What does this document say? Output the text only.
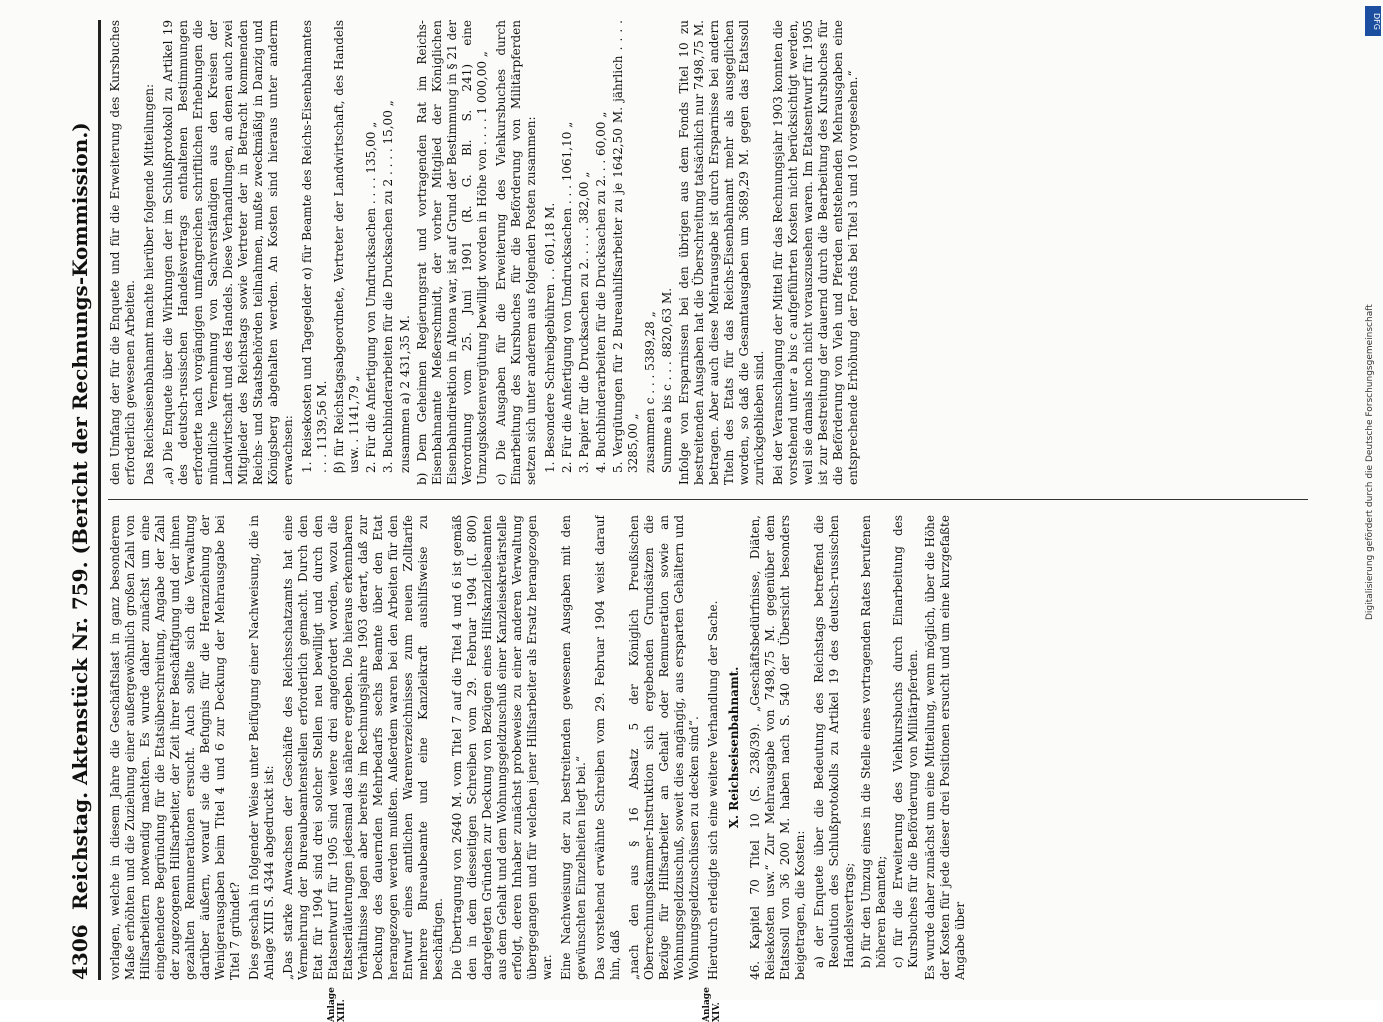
4306
Reichstag. Aktenstück Nr. 759. (Bericht der Rechnungs-Kommission.) vorlagen, welche in diesem Jahre die Geschäftslast in ganz besonderem Maße erhöhten und die Zuziehung einer außergewöhnlich großen Zahl von Hilfsarbeitern notwendig machten. Es wurde daher zunächst um eine eingehendere Begründung für die Etatsüberschreitung, Angabe der Zahl der zugezogenen Hilfsarbeiter, der Zeit ihrer Beschäftigung und der ihnen gezahlten Remunerationen ersucht. Auch sollte sich die Verwaltung darüber äußern, worauf sie die Befugnis für die Heranziehung der Wenigerausgaben beim Titel 4 und 6 zur Deckung der Mehrausgabe bei Titel 7 gründet? Dies geschah in folgender Weise unter Beifügung einer Nachweisung, die in Anlage XIII S. 4344 abgedruckt ist: „Das starke Anwachsen der Geschäfte des Reichsschatzamts hat eine Vermehrung der Bureaubeamtenstellen erforderlich gemacht. Durch den Etat für 1904 sind drei solcher Stellen neu bewilligt und durch den Etatsentwurf für 1905 sind weitere drei angefordert worden, wozu die Etatserläuterungen jedesmal das nähere ergeben. Die hieraus erkennbaren Verhältnisse lagen aber bereits im Rechnungsjahre 1903 derart, daß zur Deckung des dauernden Mehrbedarfs sechs Beamte über den Etat herangezogen werden mußten. Außerdem waren bei den Arbeiten für den Entwurf eines amtlichen Warenverzeichnisses zum neuen Zolltarife mehrere Bureaubeamte und eine Kanzleikraft aushilfsweise zu beschäftigen. Die Übertragung von 2640 M. vom Titel 7 auf die Titel 4 und 6 ist gemäß den in dem diesseitigen Schreiben vom 29. Februar 1904 (I. 800) dargelegten Gründen zur Deckung von Bezügen eines Hilfskanzleibeamten aus dem Gehalt und dem Wohnungsgeldzuschuß einer Kanzleisekretärstelle erfolgt, deren Inhaber zunächst probeweise zu einer anderen Verwaltung übergegangen und für welchen jener Hilfsarbeiter als Ersatz herangezogen war. Eine Nachweisung der zu bestreitenden gewesenen Ausgaben mit den gewünschten Einzelheiten liegt bei.“ Das vorstehend erwähnte Schreiben vom 29. Februar 1904 weist darauf hin, daß „nach den aus § 16 Absatz 5 der Königlich Preußischen Oberrechnungskammer-Instruktion sich ergebenden Grundsätzen die Bezüge für Hilfsarbeiter an Gehalt oder Remuneration sowie an Wohnungsgeldzuschuß, soweit dies angängig, aus ersparten Gehältern und Wohnungsgeldzuschüssen zu decken sind“. Hierdurch erledigte sich eine weitere Verhandlung der Sache. X. Reichseisenbahnamt. 46. Kapitel 70 Titel 10 (S. 238/39). „Geschäftsbedürfnisse, Diäten, Reisekosten usw.“ Zur Mehrausgabe von 7498,75 M. gegenüber dem Etatssoll von 36 200 M. haben nach S. 540 der Übersicht besonders beigetragen, die Kosten: a) der Enquete über die Bedeutung des Reichstags betreffend die Resolution des Schlußprotokolls zu Artikel 19 des deutsch-russischen Handelsvertrags; b) für den Umzug eines in die Stelle eines vortragenden Rates berufenen höheren Beamten; c) für die Erweiterung des Viehkursbuchs durch Einarbeitung des Kursbuches für die Beförderung von Militärpferden. Es wurde daher zunächst um eine Mitteilung, wenn möglich, über die Höhe der Kosten für jede dieser drei Positionen ersucht und um eine kurzgefaßte Angabe über

den Umfang der für die Enquete und für die Erweiterung des Kursbuches erforderlich gewesenen Arbeiten. Das Reichseisenbahnamt machte hierüber folgende Mitteilungen: „a) Die Enquete über die Wirkungen der im Schlußprotokoll zu Artikel 19 des deutsch-russischen Handelsvertrags enthaltenen Bestimmungen erforderte nach vorgängigen umfangreichen schriftlichen Erhebungen die mündliche Vernehmung von Sachverständigen aus den Kreisen der Landwirtschaft und des Handels. Diese Verhandlungen, an denen auch zwei Mitglieder des Reichstags sowie Vertreter der in Betracht kommenden Reichs- und Staatsbehörden teilnahmen, mußte zweckmäßig in Danzig und Königsberg abgehalten werden. An Kosten sind hieraus unter anderm erwachsen: 1. Reisekosten und Tagegelder α) für Beamte des Reichs-Eisenbahnamtes . . . 1139,56 M. β) für Reichstagsabgeordnete, Vertreter der Landwirtschaft, des Handels usw. . 1141,79 „ 2. Für die Anfertigung von Umdrucksachen . . . . 135,00 „ 3. Buchbinderarbeiten für die Drucksachen zu 2 . . . . 15,00 „ zusammen a) 2 431,35 M. b) Dem Geheimen Regierungsrat und vortragenden Rat im Reichs-Eisenbahnamte Meßerschmidt, der vorher Mitglied der Königlichen Eisenbahndirektion in Altona war, ist auf Grund der Bestimmung in § 21 der Verordnung vom 25. Juni 1901 (R. G. Bl. S. 241) eine Umzugskostenvergütung bewilligt worden in Höhe von . . . . 1 000,00 „ c) Die Ausgaben für die Erweiterung des Viehkursbuches durch Einarbeitung des Kursbuches für die Beförderung von Militärpferden setzen sich unter anderem aus folgenden Posten zusammen: 1. Besondere Schreibgebühren . . 601,18 M. 2. Für die Anfertigung von Umdrucksachen . . . 1061,10 „ 3. Papier für die Drucksachen zu 2. . . . . 382,00 „ 4. Buchbinderarbeiten für die Drucksachen zu 2. . . 60,00 „ 5. Vergütungen für 2 Bureauhilfsarbeiter zu je 1642,50 M. jährlich . . . . 3285,00 „ zusammen c . . . 5389,28 „ Summe a bis c . . . 8820,63 M. Infolge von Ersparnissen bei den übrigen aus dem Fonds Titel 10 zu bestreitenden Ausgaben hat die Überschreitung tatsächlich nur 7498,75 M. betragen. Aber auch diese Mehrausgabe ist durch Ersparnisse bei andern Titeln des Etats für das Reichs-Eisenbahnamt mehr als ausgeglichen worden, so daß die Gesamtausgaben um 3689,29 M. gegen das Etatssoll zurückgeblieben sind. Bei der Veranschlagung der Mittel für das Rechnungsjahr 1903 konnten die vorstehend unter a bis c aufgeführten Kosten nicht berücksichtigt werden, weil sie damals noch nicht vorauszusehen waren. Im Etatsentwurf für 1905 ist zur Bestreitung der dauernd durch die Bearbeitung des Kursbuches für die Beförderung von Vieh und Pferden entstehenden Mehrausgaben eine entsprechende Erhöhung der Fonds bei Titel 3 und 10 vorgesehen.“

Anlage XIII.	Anlage XIV.
DFG
Digitalisierung gefördert durch die Deutsche Forschungsgemeinschaft
